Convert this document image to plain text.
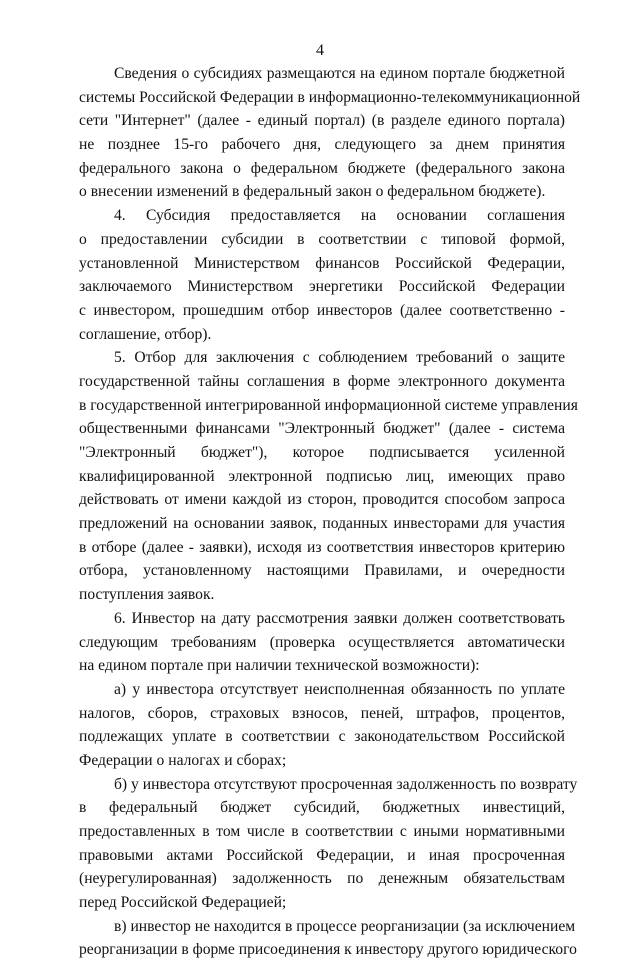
4
Сведения о субсидиях размещаются на едином портале бюджетной
системы Российской Федерации в информационно-телекоммуникационной
сети "Интернет" (далее - единый портал) (в разделе единого портала)
не позднее 15-го рабочего дня, следующего за днем принятия
федерального закона о федеральном бюджете (федерального закона
о внесении изменений в федеральный закон о федеральном бюджете).
4. Субсидия предоставляется на основании соглашения
о предоставлении субсидии в соответствии с типовой формой,
установленной Министерством финансов Российской Федерации,
заключаемого Министерством энергетики Российской Федерации
с инвестором, прошедшим отбор инвесторов (далее соответственно -
соглашение, отбор).
5. Отбор для заключения с соблюдением требований о защите
государственной тайны соглашения в форме электронного документа
в государственной интегрированной информационной системе управления
общественными финансами "Электронный бюджет" (далее - система
"Электронный бюджет"), которое подписывается усиленной
квалифицированной электронной подписью лиц, имеющих право
действовать от имени каждой из сторон, проводится способом запроса
предложений на основании заявок, поданных инвесторами для участия
в отборе (далее - заявки), исходя из соответствия инвесторов критерию
отбора, установленному настоящими Правилами, и очередности
поступления заявок.
6. Инвестор на дату рассмотрения заявки должен соответствовать
следующим требованиям (проверка осуществляется автоматически
на едином портале при наличии технической возможности):
а) у инвестора отсутствует неисполненная обязанность по уплате
налогов, сборов, страховых взносов, пеней, штрафов, процентов,
подлежащих уплате в соответствии с законодательством Российской
Федерации о налогах и сборах;
б) у инвестора отсутствуют просроченная задолженность по возврату
в федеральный бюджет субсидий, бюджетных инвестиций,
предоставленных в том числе в соответствии с иными нормативными
правовыми актами Российской Федерации, и иная просроченная
(неурегулированная) задолженность по денежным обязательствам
перед Российской Федерацией;
в) инвестор не находится в процессе реорганизации (за исключением
реорганизации в форме присоединения к инвестору другого юридического
